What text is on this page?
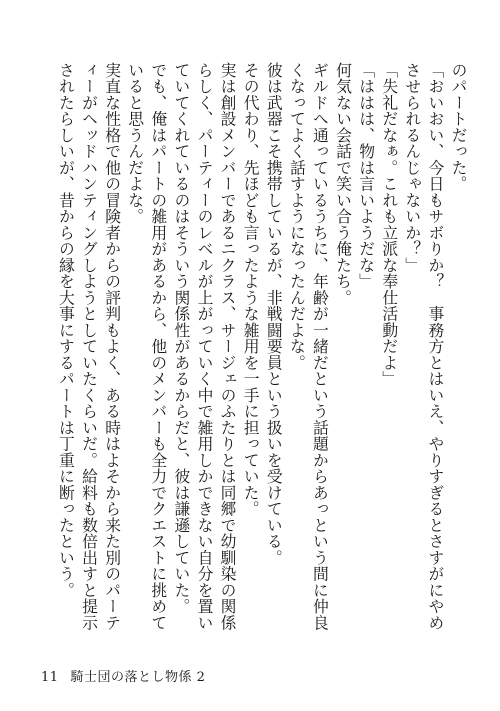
のパートだった。

「おいおい、今日もサボりか？　事務方とはいえ、やりすぎるとさすがにやめさせられるんじゃないか？」

「失礼だなぁ。これも立派な奉仕活動だよ」

「ははは、物は言いようだな」

何気ない会話で笑い合う俺たち。

ギルドへ通っているうちに、年齢が一緒だという話題からあっという間に仲良くなってよく話すようになったんだよな。

彼は武器こそ携帯しているが、非戦闘要員という扱いを受けている。

その代わり、先ほども言ったような雑用を一手に担っていた。

実は創設メンバーであるニクラス、サージェのふたりとは同郷で幼馴染の関係らしく、パーティーのレベルが上がっていく中で雑用しかできない自分を置いていてくれているのはそういう関係性があるからだと、彼は謙遜していた。

でも、俺はパートの雑用があるから、他のメンバーも全力でクエストに挑めていると思うんだよな。

実直な性格で他の冒険者からの評判もよく、ある時はよそから来た別のパーティーがヘッドハンティングしようとしていたくらいだ。給料も数倍出すと提示されたらしいが、昔からの縁を大事にするパートは丁重に断ったという。

11 騎士団の落とし物係 2
